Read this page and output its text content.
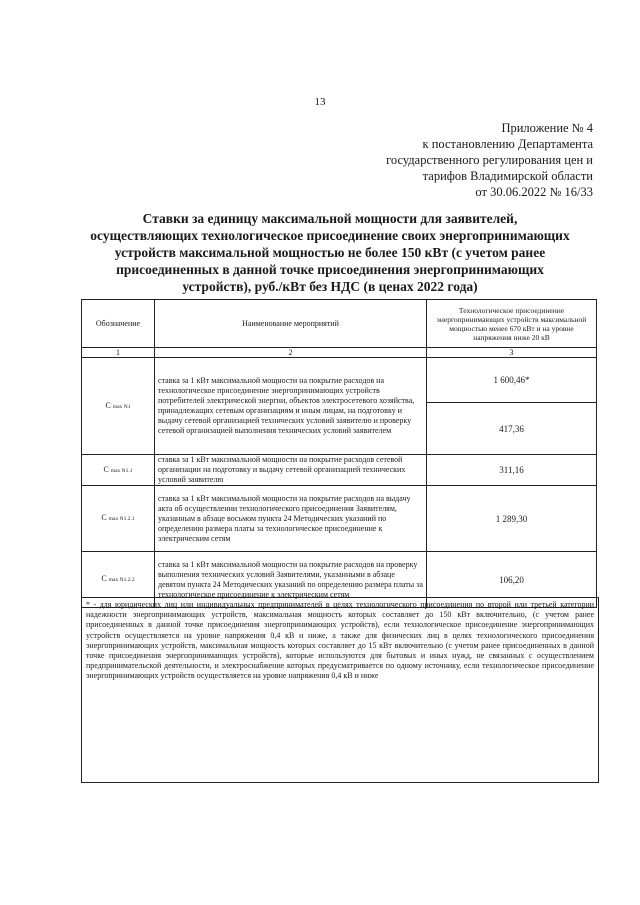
13
Приложение № 4
к постановлению Департамента
государственного регулирования цен и
тарифов Владимирской области
от 30.06.2022 № 16/33
Ставки за единицу максимальной мощности для заявителей,
осуществляющих технологическое присоединение своих энергопринимающих
устройств максимальной мощностью не более 150 кВт (с учетом ранее
присоединенных в данной точке присоединения энергопринимающих
устройств), руб./кВт без НДС (в ценах 2022 года)
Обозначение	Наименование мероприятий	Технологическое присоединение энергопринимающих устройств максимальной мощностью менее 670 кВт и на уровне напряжения ниже 20 кВ
1	2	3
C max N1	ставка за 1 кВт максимальной мощности на покрытие расходов на технологическое присоединение энергопринимающих устройств потребителей электрической энергии, объектов электросетевого хозяйства, принадлежащих сетевым организациям и иным лицам, на подготовку и выдачу сетевой организацией технических условий заявителю и проверку сетевой организацией выполнения технических условий заявителем	1 600,46*
		417,36
C max N1.1	ставка за 1 кВт максимальной мощности на покрытие расходов сетевой организации на подготовку и выдачу сетевой организацией технических условий заявителю	311,16
C max N1.2.1	ставка за 1 кВт максимальной мощности на покрытие расходов на выдачу акта об осуществлении технологического присоединения Заявителям, указанным в абзаце восьмом пункта 24 Методических указаний по определению размера платы за технологическое присоединение к электрическим сетям	1 289,30
C max N1.2.2	ставка за 1 кВт максимальной мощности на покрытие расходов на проверку выполнения технических условий Заявителями, указанными в абзаце девятом пункта 24 Методических указаний по определению размера платы за технологическое присоединение к электрическим сетям	106,20
* - для юридических лиц или индивидуальных предпринимателей в целях технологического присоединения по второй или третьей категории надежности энергопринимающих устройств, максимальная мощность которых составляет до 150 кВт включительно, (с учетом ранее присоединенных в данной точке присоединения энергопринимающих устройств), если технологическое присоединение энергопринимающих устройств осуществляется на уровне напряжения 0,4 кВ и ниже, а также для физических лиц в целях технологического присоединения энергопринимающих устройств, максимальная мощность которых составляет до 15 кВт включительно (с учетом ранее присоединенных в данной точке присоединения энергопринимающих устройств), которые используются для бытовых и иных нужд, не связанных с осуществлением предпринимательской деятельности, и электроснабжение которых предусматривается по одному источнику, если технологическое присоединение энергопринимающих устройств осуществляется на уровне напряжения 0,4 кВ и ниже
